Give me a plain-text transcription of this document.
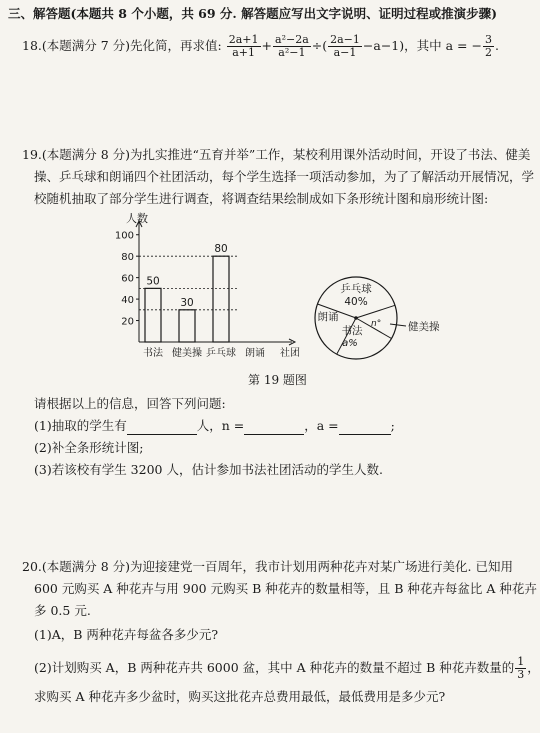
三、解答题(本题共 8 个小题，共 69 分. 解答题应写出文字说明、证明过程或推演步骤)
18.(本题满分 7 分)先化简，再求值: $\frac{2a+1}{a+1} + \frac{\text{a²−2a}}{\text{a²−1}}$ ÷( $\frac{2a-1}{a-1} -a-1$)，其中 a = − $\frac{3}{2}$ .
19.(本题满分 8 分)为扎实推进“五育并举”工作，某校利用课外活动时间，开设了书法、健美
操、乒乓球和朗诵四个社团活动，每个学生选择一项活动参加，为了了解活动开展情况，学
校随机抽取了部分学生进行调查，将调查结果绘制成如下条形统计图和扇形统计图:
人数
社团
20
40
60
80
100
50
书法
30
健美操
80
乒乓球 朗诵
乒乓球
40%
朗诵
书法
a%
n°	健美操
第 19 题图
请根据以上的信息，回答下列问题:
(1)抽取的学生有	人，n =	，a =	;
(2)补全条形统计图;
(3)若该校有学生 3200 人，估计参加书法社团活动的学生人数.
20.(本题满分 8 分)为迎接建党一百周年，我市计划用两种花卉对某广场进行美化. 已知用
600 元购买 A 种花卉与用 900 元购买 B 种花卉的数量相等，且 B 种花卉每盆比 A 种花卉
多 0.5 元.
(1)A，B 两种花卉每盆各多少元?
(2)计划购买 A，B 两种花卉共 6000 盆，其中 A 种花卉的数量不超过 B 种花卉数量的 $\frac{1}{3}$ ，
求购买 A 种花卉多少盆时，购买这批花卉总费用最低，最低费用是多少元?
